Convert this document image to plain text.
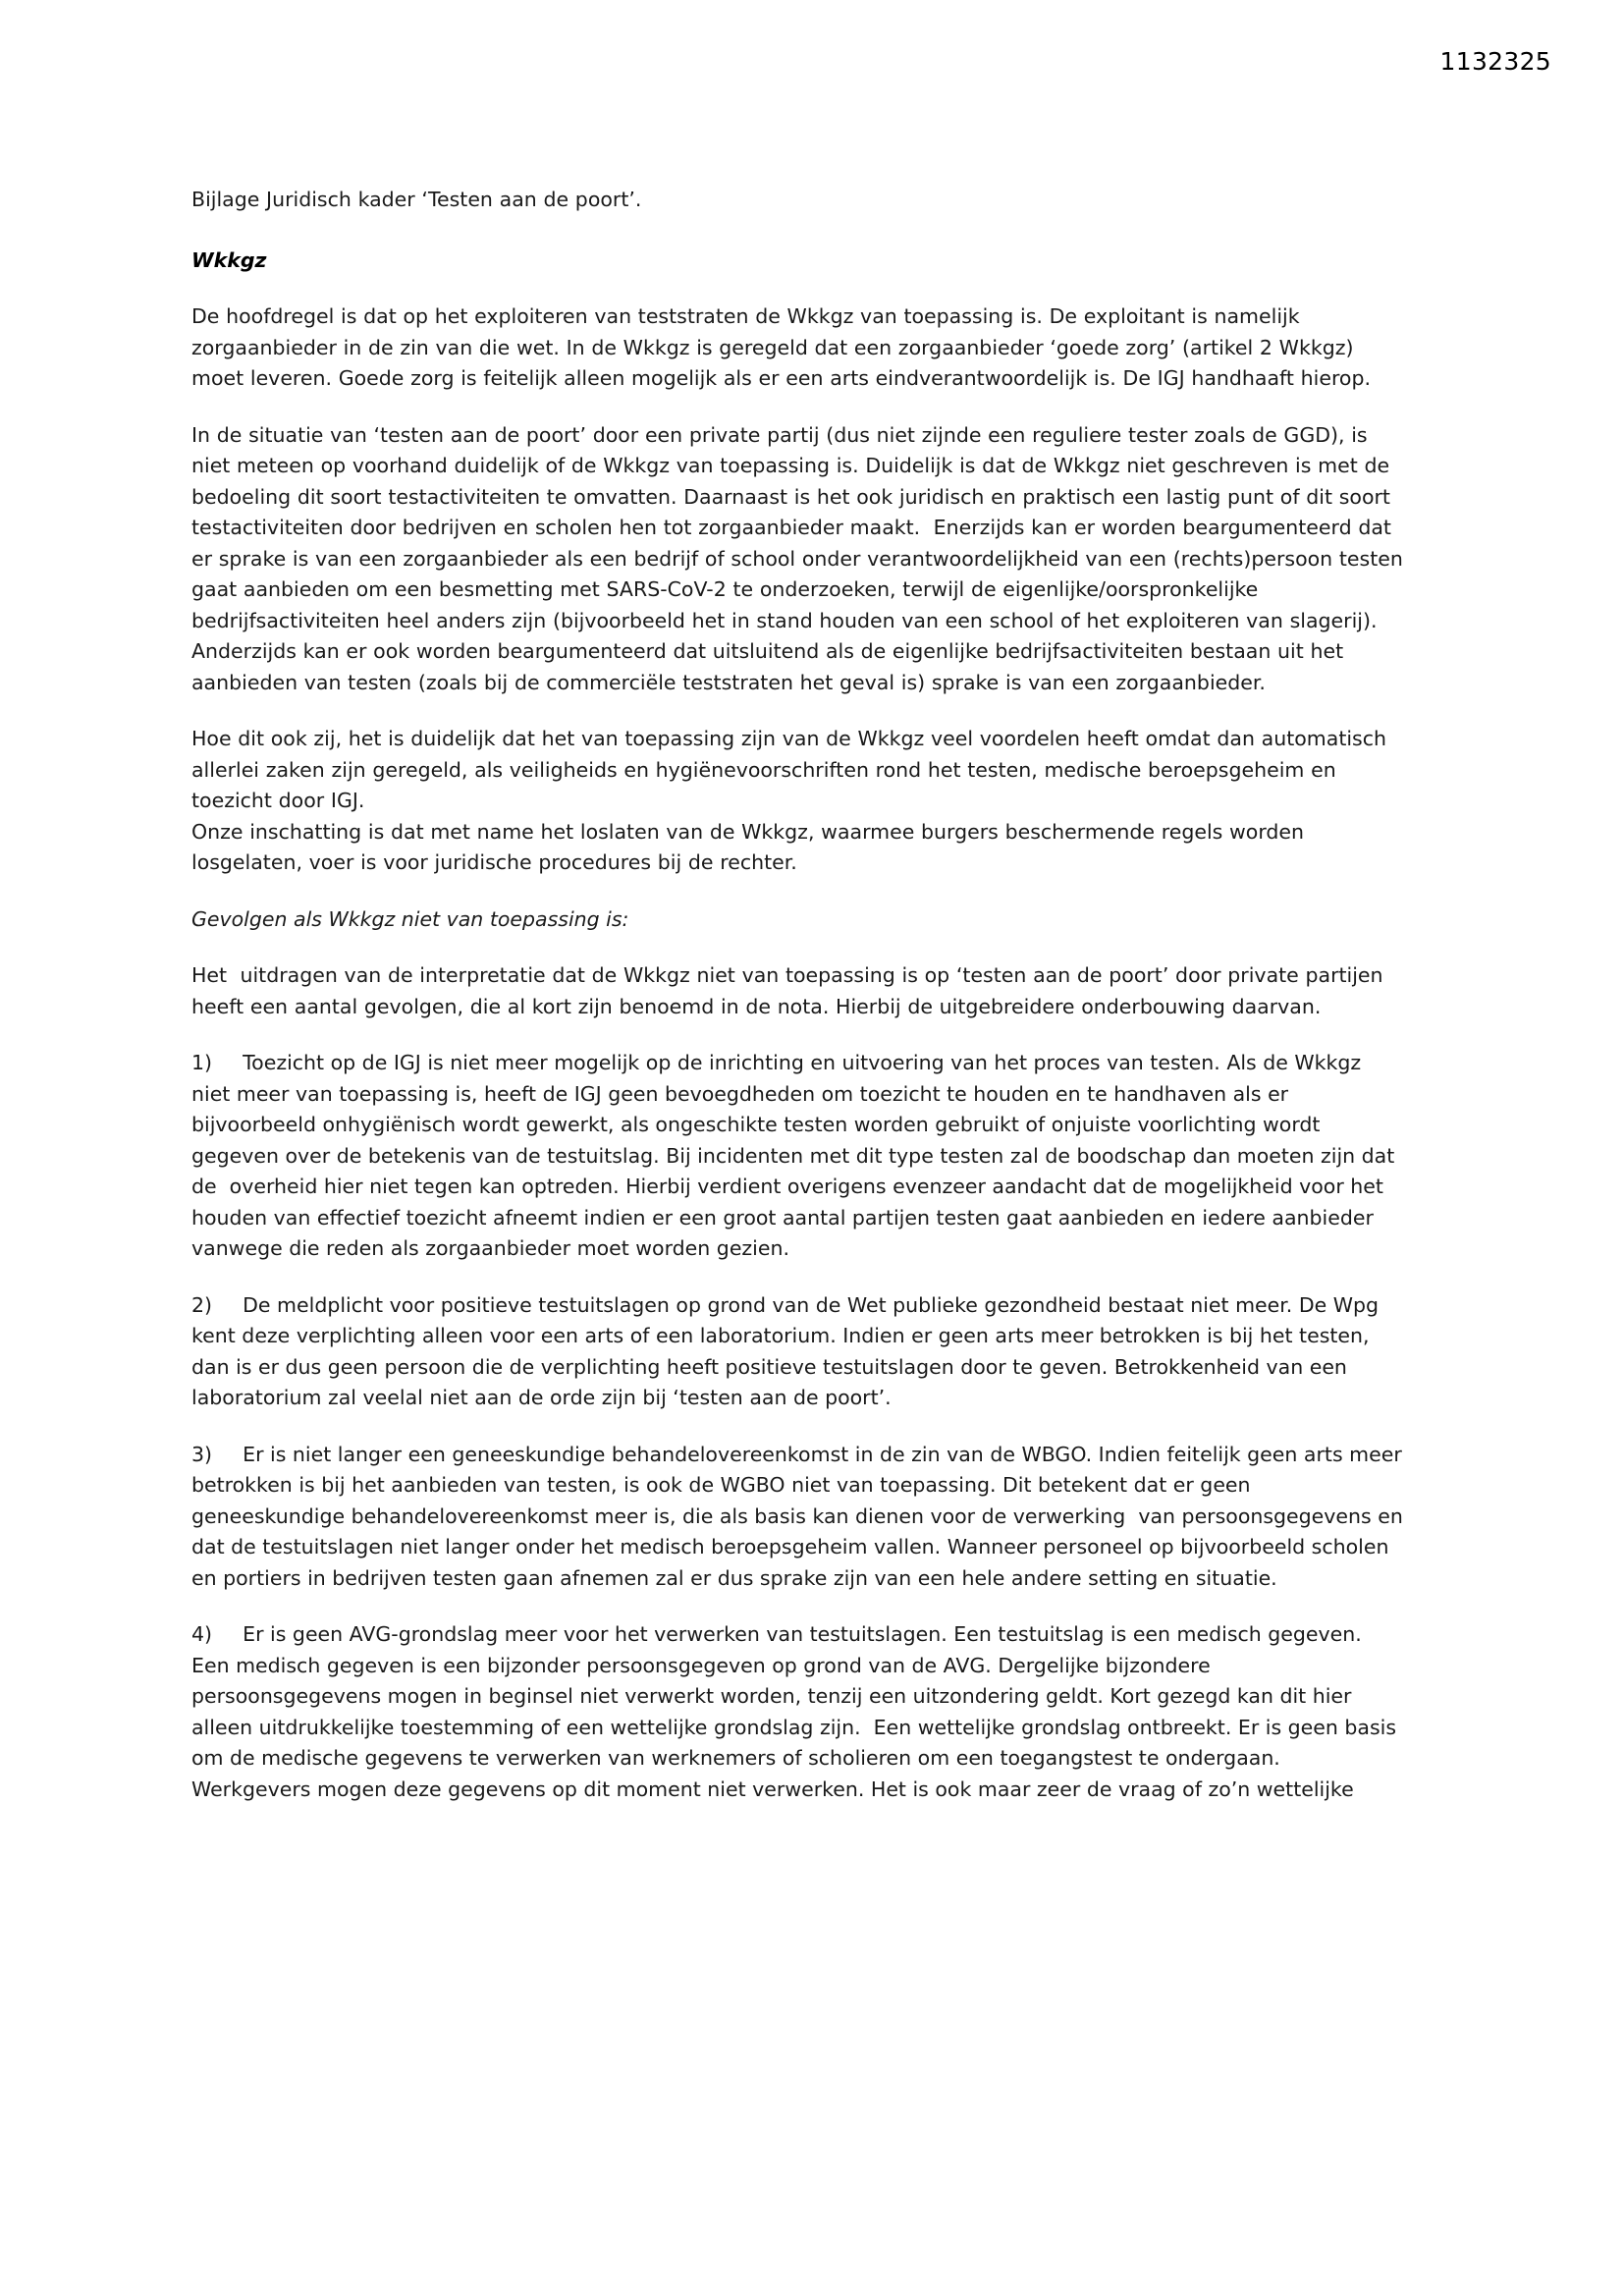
1132325

Bijlage Juridisch kader ‘Testen aan de poort’.

Wkkgz

De hoofdregel is dat op het exploiteren van teststraten de Wkkgz van toepassing is. De exploitant is namelijk zorgaanbieder in de zin van die wet. In de Wkkgz is geregeld dat een zorgaanbieder ‘goede zorg’ (artikel 2 Wkkgz) moet leveren. Goede zorg is feitelijk alleen mogelijk als er een arts eindverantwoordelijk is. De IGJ handhaaft hierop.

In de situatie van ‘testen aan de poort’ door een private partij (dus niet zijnde een reguliere tester zoals de GGD), is niet meteen op voorhand duidelijk of de Wkkgz van toepassing is. Duidelijk is dat de Wkkgz niet geschreven is met de bedoeling dit soort testactiviteiten te omvatten. Daarnaast is het ook juridisch en praktisch een lastig punt of dit soort testactiviteiten door bedrijven en scholen hen tot zorgaanbieder maakt.  Enerzijds kan er worden beargumenteerd dat er sprake is van een zorgaanbieder als een bedrijf of school onder verantwoordelijkheid van een (rechts)persoon testen gaat aanbieden om een besmetting met SARS-CoV-2 te onderzoeken, terwijl de eigenlijke/oorspronkelijke bedrijfsactiviteiten heel anders zijn (bijvoorbeeld het in stand houden van een school of het exploiteren van slagerij). Anderzijds kan er ook worden beargumenteerd dat uitsluitend als de eigenlijke bedrijfsactiviteiten bestaan uit het aanbieden van testen (zoals bij de commerciële teststraten het geval is) sprake is van een zorgaanbieder.

Hoe dit ook zij, het is duidelijk dat het van toepassing zijn van de Wkkgz veel voordelen heeft omdat dan automatisch allerlei zaken zijn geregeld, als veiligheids en hygiënevoorschriften rond het testen, medische beroepsgeheim en toezicht door IGJ.

Onze inschatting is dat met name het loslaten van de Wkkgz, waarmee burgers beschermende regels worden losgelaten, voer is voor juridische procedures bij de rechter.

Gevolgen als Wkkgz niet van toepassing is:

Het  uitdragen van de interpretatie dat de Wkkgz niet van toepassing is op ‘testen aan de poort’ door private partijen heeft een aantal gevolgen, die al kort zijn benoemd in de nota. Hierbij de uitgebreidere onderbouwing daarvan.

1)	Toezicht op de IGJ is niet meer mogelijk op de inrichting en uitvoering van het proces van testen. Als de Wkkgz niet meer van toepassing is, heeft de IGJ geen bevoegdheden om toezicht te houden en te handhaven als er bijvoorbeeld onhygiënisch wordt gewerkt, als ongeschikte testen worden gebruikt of onjuiste voorlichting wordt gegeven over de betekenis van de testuitslag. Bij incidenten met dit type testen zal de boodschap dan moeten zijn dat de  overheid hier niet tegen kan optreden. Hierbij verdient overigens evenzeer aandacht dat de mogelijkheid voor het houden van effectief toezicht afneemt indien er een groot aantal partijen testen gaat aanbieden en iedere aanbieder vanwege die reden als zorgaanbieder moet worden gezien.

2)	De meldplicht voor positieve testuitslagen op grond van de Wet publieke gezondheid bestaat niet meer. De Wpg kent deze verplichting alleen voor een arts of een laboratorium. Indien er geen arts meer betrokken is bij het testen, dan is er dus geen persoon die de verplichting heeft positieve testuitslagen door te geven. Betrokkenheid van een laboratorium zal veelal niet aan de orde zijn bij ‘testen aan de poort’.

3)	Er is niet langer een geneeskundige behandelovereenkomst in de zin van de WBGO. Indien feitelijk geen arts meer betrokken is bij het aanbieden van testen, is ook de WGBO niet van toepassing. Dit betekent dat er geen geneeskundige behandelovereenkomst meer is, die als basis kan dienen voor de verwerking  van persoonsgegevens en dat de testuitslagen niet langer onder het medisch beroepsgeheim vallen. Wanneer personeel op bijvoorbeeld scholen en portiers in bedrijven testen gaan afnemen zal er dus sprake zijn van een hele andere setting en situatie.

4)	Er is geen AVG-grondslag meer voor het verwerken van testuitslagen. Een testuitslag is een medisch gegeven. Een medisch gegeven is een bijzonder persoonsgegeven op grond van de AVG. Dergelijke bijzondere persoonsgegevens mogen in beginsel niet verwerkt worden, tenzij een uitzondering geldt. Kort gezegd kan dit hier alleen uitdrukkelijke toestemming of een wettelijke grondslag zijn.  Een wettelijke grondslag ontbreekt. Er is geen basis om de medische gegevens te verwerken van werknemers of scholieren om een toegangstest te ondergaan. Werkgevers mogen deze gegevens op dit moment niet verwerken. Het is ook maar zeer de vraag of zo’n wettelijke
